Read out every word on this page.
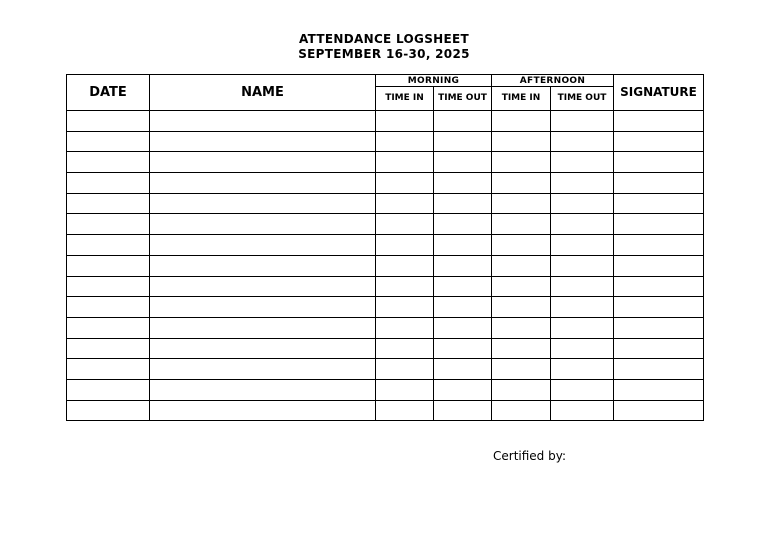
ATTENDANCE LOGSHEET
SEPTEMBER 16-30, 2025
DATE	NAME	MORNING		AFTERNOON		SIGNATURE
		TIME IN	TIME OUT	TIME IN	TIME OUT	

Certified by:
